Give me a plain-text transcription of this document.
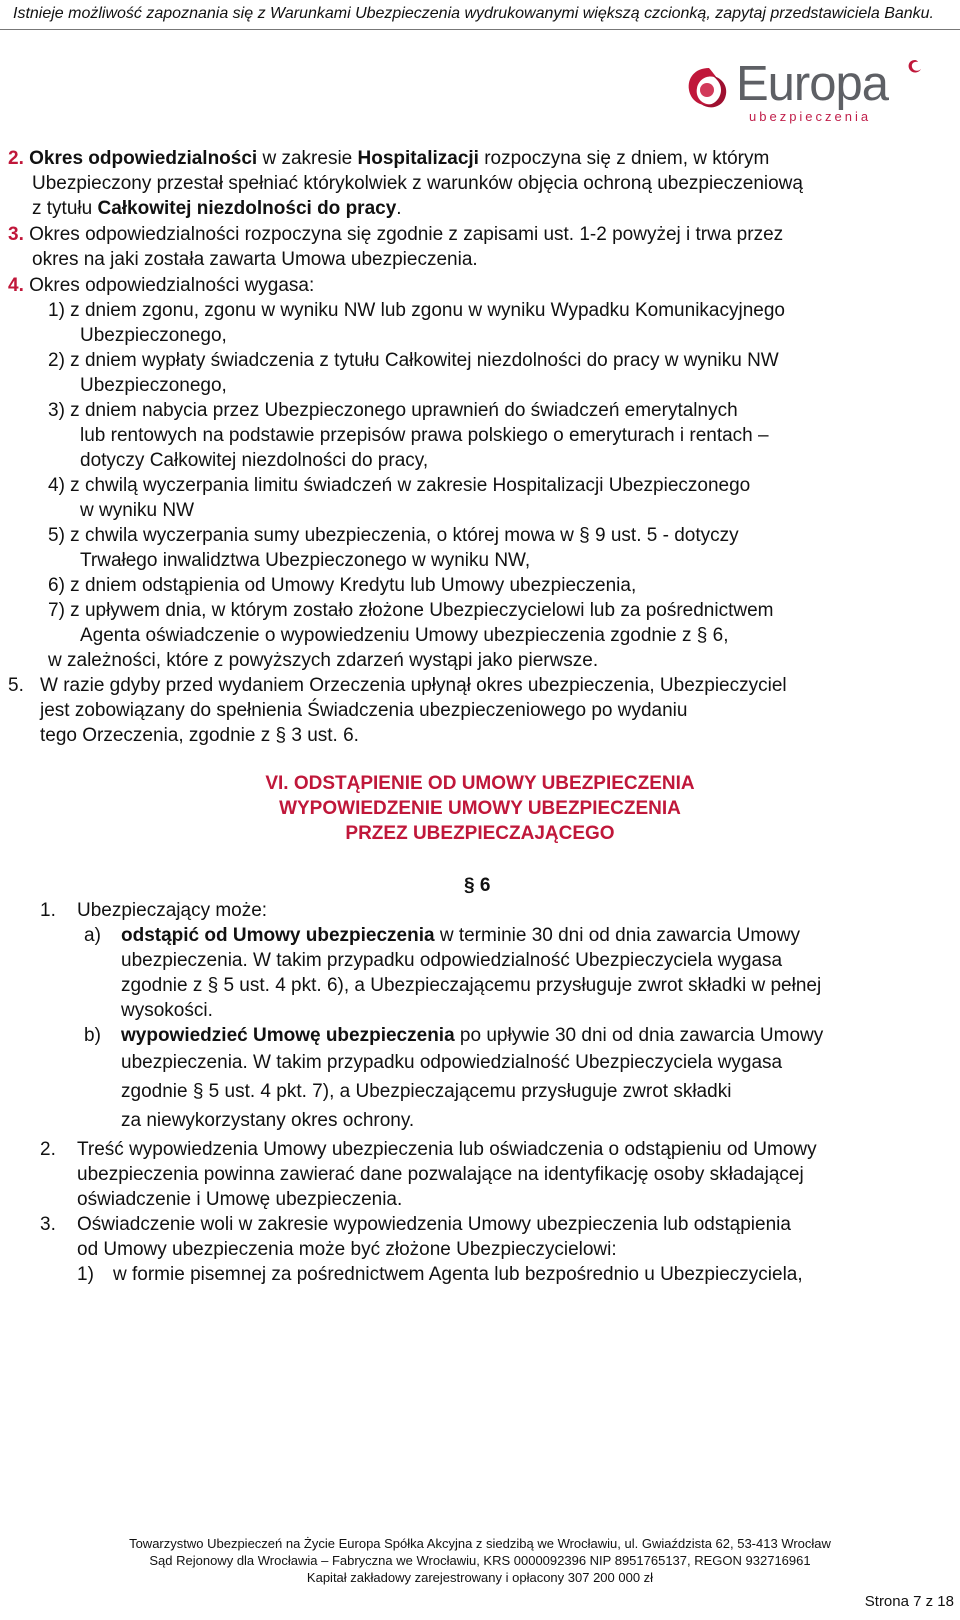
Istnieje możliwość zapoznania się z Warunkami Ubezpieczenia wydrukowanymi większą czcionką, zapytaj przedstawiciela Banku.
Europa
ubezpieczenia
2. Okres odpowiedzialności w zakresie Hospitalizacji rozpoczyna się z dniem, w którym
Ubezpieczony przestał spełniać którykolwiek z warunków objęcia ochroną ubezpieczeniową
z tytułu Całkowitej niezdolności do pracy.
3. Okres odpowiedzialności rozpoczyna się zgodnie z zapisami ust. 1-2 powyżej i trwa przez
okres na jaki została zawarta Umowa ubezpieczenia.
4. Okres odpowiedzialności wygasa:
1) z dniem zgonu, zgonu w wyniku NW lub zgonu w wyniku Wypadku Komunikacyjnego
Ubezpieczonego,
2) z dniem wypłaty świadczenia z tytułu Całkowitej niezdolności do pracy w wyniku NW
Ubezpieczonego,
3) z dniem nabycia przez Ubezpieczonego uprawnień do świadczeń emerytalnych
lub rentowych na podstawie przepisów prawa polskiego o emeryturach i rentach –
dotyczy Całkowitej niezdolności do pracy,
4) z chwilą wyczerpania limitu świadczeń w zakresie Hospitalizacji Ubezpieczonego
w wyniku NW
5) z chwila wyczerpania sumy ubezpieczenia, o której mowa w § 9 ust. 5 - dotyczy
Trwałego inwalidztwa Ubezpieczonego w wyniku NW,
6) z dniem odstąpienia od Umowy Kredytu lub Umowy ubezpieczenia,
7) z upływem dnia, w którym zostało złożone Ubezpieczycielowi lub za pośrednictwem
Agenta oświadczenie o wypowiedzeniu Umowy ubezpieczenia zgodnie z § 6,
w zależności, które z powyższych zdarzeń wystąpi jako pierwsze.
5. W razie gdyby przed wydaniem Orzeczenia upłynął okres ubezpieczenia, Ubezpieczyciel
jest zobowiązany do spełnienia Świadczenia ubezpieczeniowego po wydaniu
tego Orzeczenia, zgodnie z § 3 ust. 6.
VI. ODSTĄPIENIE OD UMOWY UBEZPIECZENIA
WYPOWIEDZENIE UMOWY UBEZPIECZENIA
PRZEZ UBEZPIECZAJĄCEGO
§ 6
1. Ubezpieczający może:
a) odstąpić od Umowy ubezpieczenia w terminie 30 dni od dnia zawarcia Umowy
ubezpieczenia. W takim przypadku odpowiedzialność Ubezpieczyciela wygasa
zgodnie z § 5 ust. 4 pkt. 6), a Ubezpieczającemu przysługuje zwrot składki w pełnej
wysokości.
b) wypowiedzieć Umowę ubezpieczenia po upływie 30 dni od dnia zawarcia Umowy
ubezpieczenia. W takim przypadku odpowiedzialność Ubezpieczyciela wygasa
zgodnie § 5 ust. 4 pkt. 7), a Ubezpieczającemu przysługuje zwrot składki
za niewykorzystany okres ochrony.
2. Treść wypowiedzenia Umowy ubezpieczenia lub oświadczenia o odstąpieniu od Umowy
ubezpieczenia powinna zawierać dane pozwalające na identyfikację osoby składającej
oświadczenie i Umowę ubezpieczenia.
3. Oświadczenie woli w zakresie wypowiedzenia Umowy ubezpieczenia lub odstąpienia
od Umowy ubezpieczenia może być złożone Ubezpieczycielowi:
1) w formie pisemnej za pośrednictwem Agenta lub bezpośrednio u Ubezpieczyciela,
Towarzystwo Ubezpieczeń na Życie Europa Spółka Akcyjna z siedzibą we Wrocławiu, ul. Gwiaździsta 62, 53-413 Wrocław
Sąd Rejonowy dla Wrocławia – Fabryczna we Wrocławiu, KRS 0000092396 NIP 8951765137, REGON 932716961
Kapitał zakładowy zarejestrowany i opłacony 307 200 000 zł
Strona 7 z 18
